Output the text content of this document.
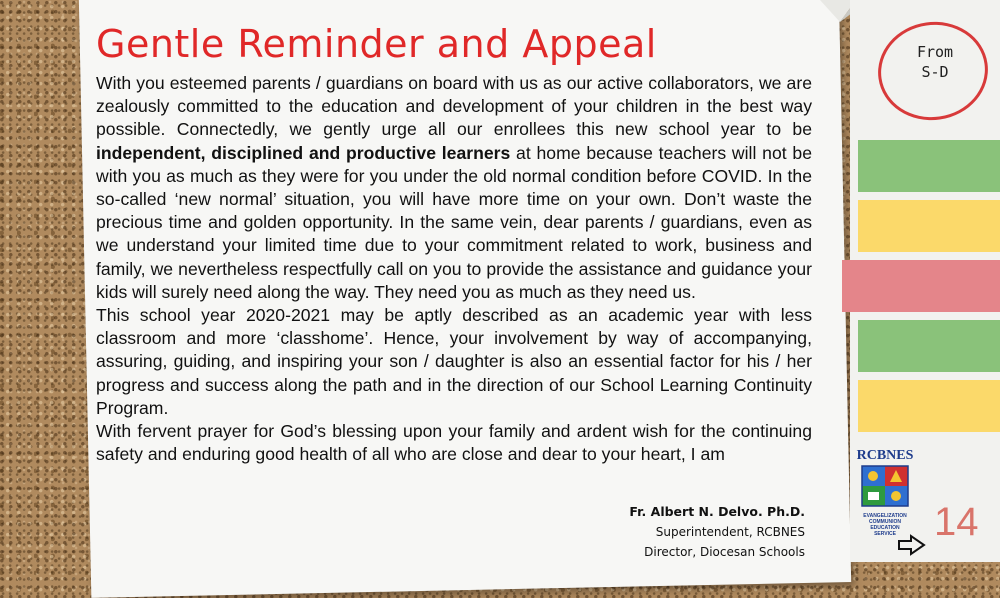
Gentle Reminder and Appeal

With you esteemed parents / guardians on board with us as our active collaborators, we are zealously committed to the education and development of your children in the best way possible. Connectedly, we gently urge all our enrollees this new school year to be independent, disciplined and productive learners at home because teachers will not be with you as much as they were for you under the old normal condition before COVID. In the so-called ‘new normal’ situation, you will have more time on your own. Don’t waste the precious time and golden opportunity. In the same vein, dear parents / guardians, even as we understand your limited time due to your commitment related to work, business and family, we nevertheless respectfully call on you to provide the assistance and guidance your kids will surely need along the way. They need you as much as they need us.

This school year 2020-2021 may be aptly described as an academic year with less classroom and more ‘classhome’. Hence, your involvement by way of accompanying, assuring, guiding, and inspiring your son / daughter is also an essential factor for his / her progress and success along the path and in the direction of our School Learning Continuity Program.

With fervent prayer for God’s blessing upon your family and ardent wish for the continuing safety and enduring good health of all who are close and dear to your heart, I am

Fr. Albert N. Delvo. Ph.D.
Superintendent, RCBNES
Director, Diocesan Schools
From
S-D
RCBNES
EVANGELIZATION
COMMUNION
EDUCATION
SERVICE 14
